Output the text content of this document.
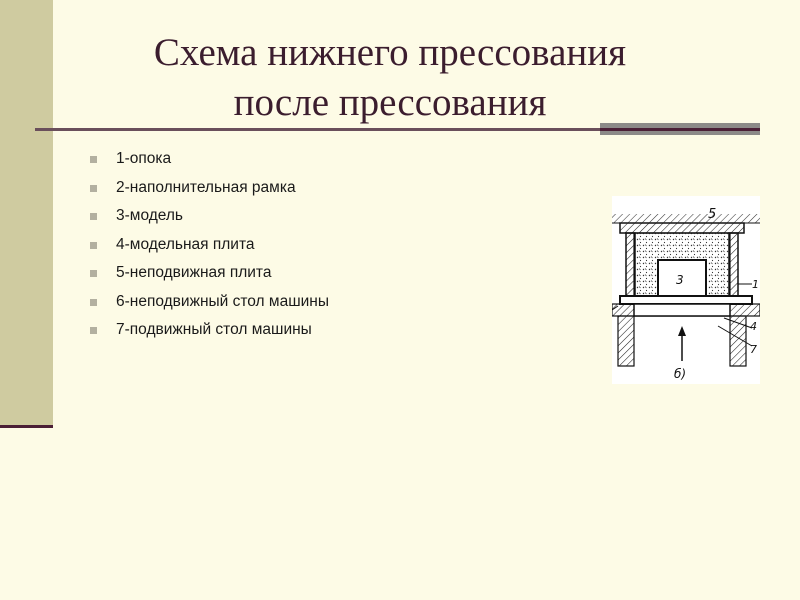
Схема нижнего прессования
после прессования
1-опока
2-наполнительная рамка
3-модель
4-модельная плита
5-неподвижная плита
6-неподвижный стол машины
7-подвижный стол машины
5
3	1
4
7
б)
